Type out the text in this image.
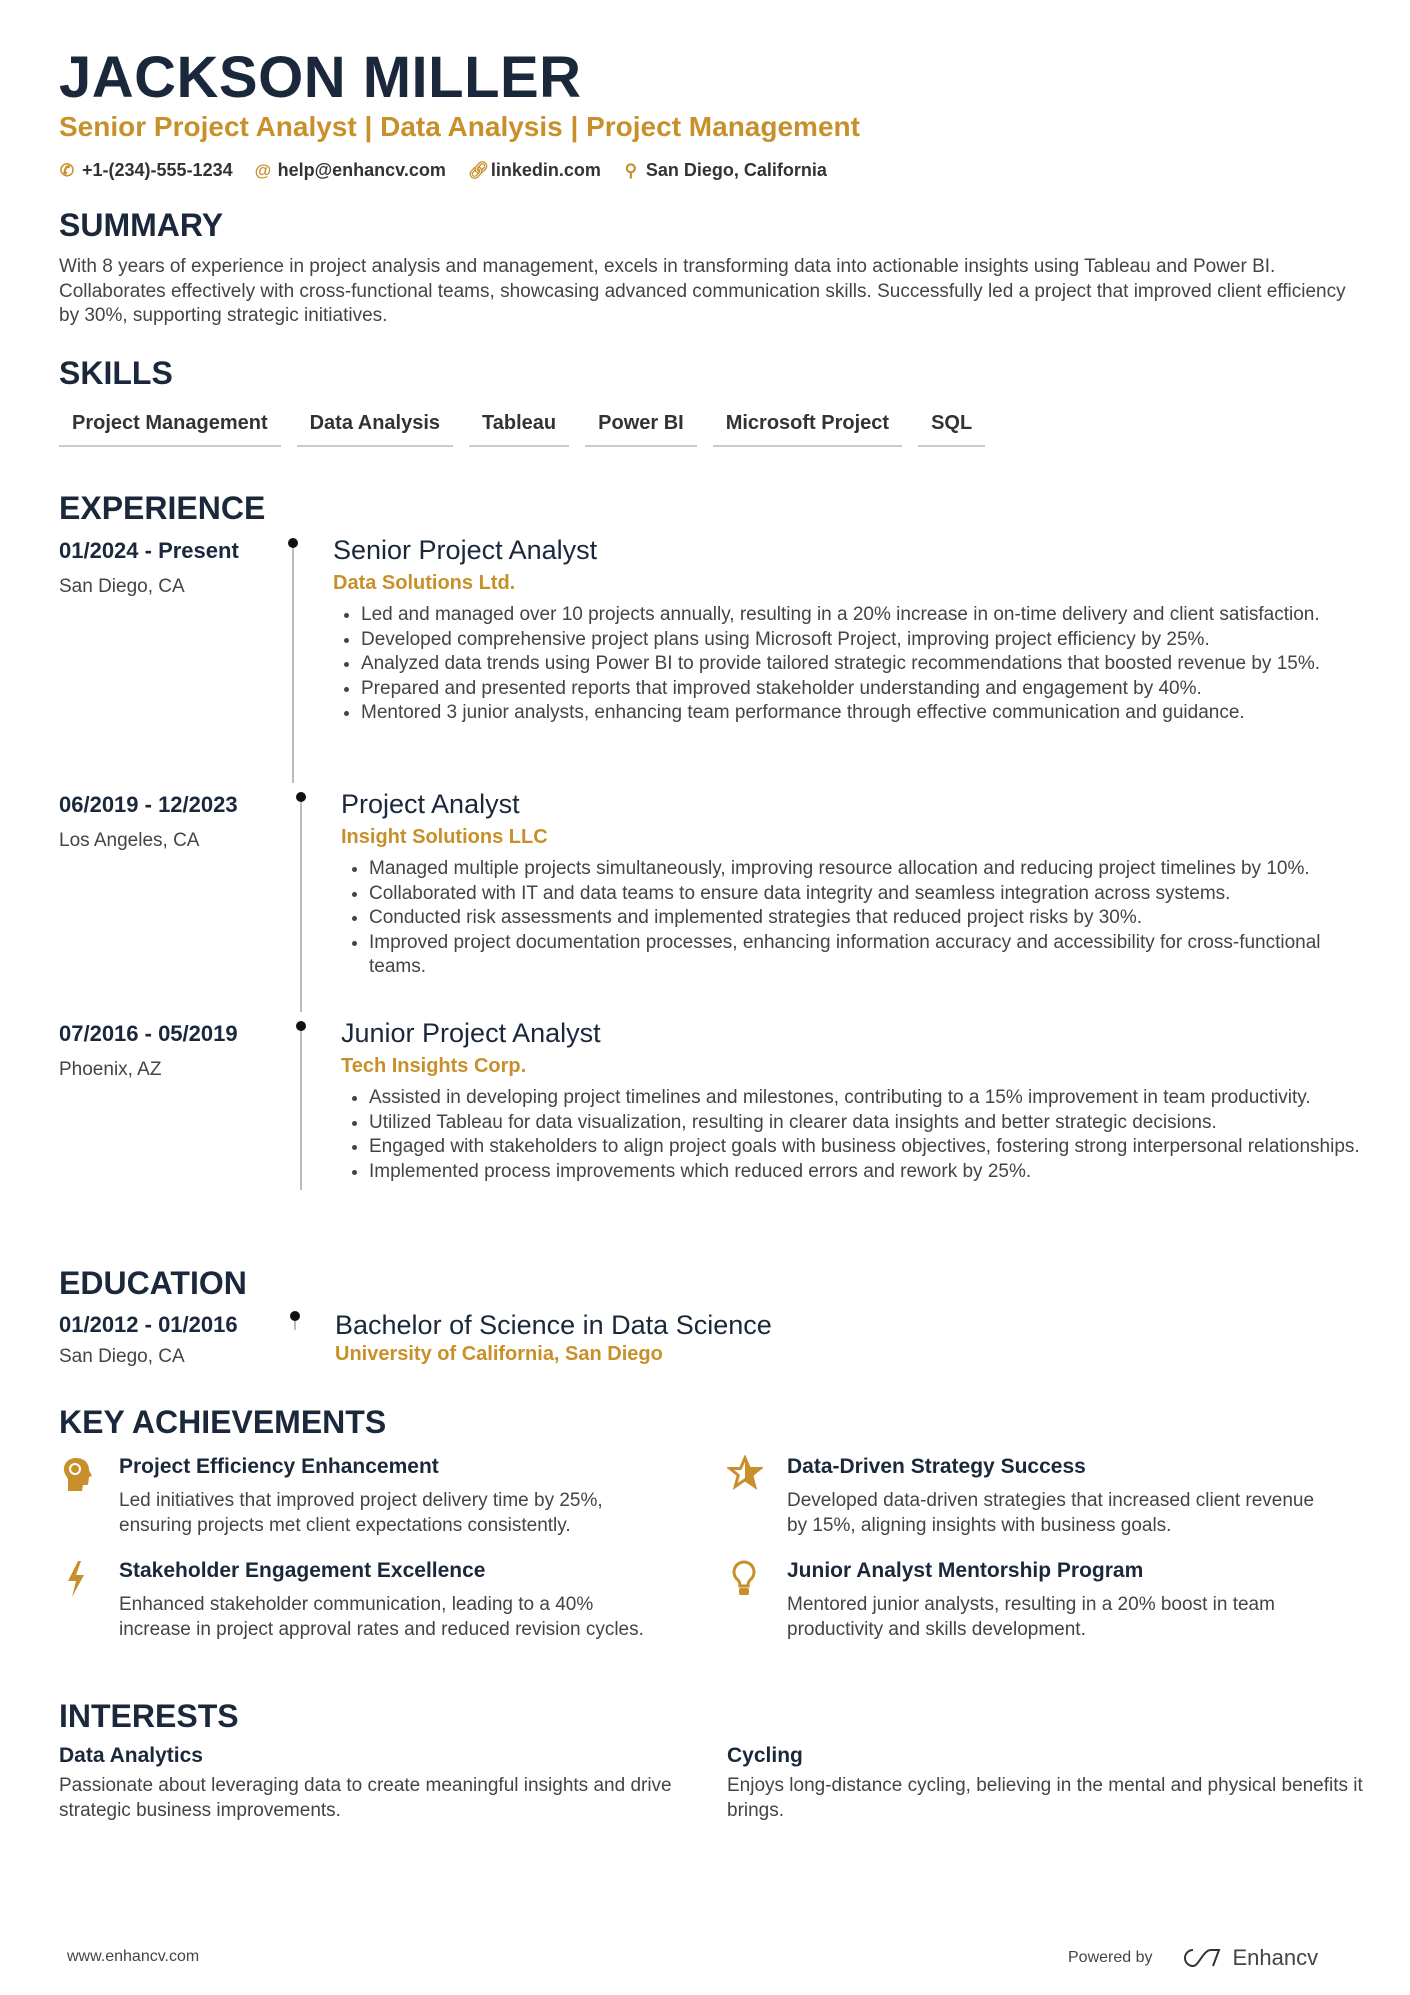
JACKSON MILLER
Senior Project Analyst | Data Analysis | Project Management
✆ +1-(234)-555-1234 @ help@enhancv.com 🔗︎ linkedin.com ⚲ San Diego, California
SUMMARY
With 8 years of experience in project analysis and management, excels in transforming data into actionable insights using Tableau and Power BI. Collaborates effectively with cross-functional teams, showcasing advanced communication skills. Successfully led a project that improved client efficiency by 30%, supporting strategic initiatives.
SKILLS
Project Management	Data Analysis	Tableau	Power BI	Microsoft Project	SQL
EXPERIENCE
01/2024 - Present
San Diego, CA
Senior Project Analyst
Data Solutions Ltd.
• Led and managed over 10 projects annually, resulting in a 20% increase in on-time delivery and client satisfaction.
• Developed comprehensive project plans using Microsoft Project, improving project efficiency by 25%.
• Analyzed data trends using Power BI to provide tailored strategic recommendations that boosted revenue by 15%.
• Prepared and presented reports that improved stakeholder understanding and engagement by 40%.
• Mentored 3 junior analysts, enhancing team performance through effective communication and guidance.
06/2019 - 12/2023
Los Angeles, CA
Project Analyst
Insight Solutions LLC
• Managed multiple projects simultaneously, improving resource allocation and reducing project timelines by 10%.
• Collaborated with IT and data teams to ensure data integrity and seamless integration across systems.
• Conducted risk assessments and implemented strategies that reduced project risks by 30%.
• Improved project documentation processes, enhancing information accuracy and accessibility for cross-functional teams.
07/2016 - 05/2019
Phoenix, AZ
Junior Project Analyst
Tech Insights Corp.
• Assisted in developing project timelines and milestones, contributing to a 15% improvement in team productivity.
• Utilized Tableau for data visualization, resulting in clearer data insights and better strategic decisions.
• Engaged with stakeholders to align project goals with business objectives, fostering strong interpersonal relationships.
• Implemented process improvements which reduced errors and rework by 25%.
EDUCATION
01/2012 - 01/2016
San Diego, CA
Bachelor of Science in Data Science
University of California, San Diego
KEY ACHIEVEMENTS
Project Efficiency Enhancement
Led initiatives that improved project delivery time by 25%, ensuring projects met client expectations consistently.
Data-Driven Strategy Success
Developed data-driven strategies that increased client revenue by 15%, aligning insights with business goals.
Stakeholder Engagement Excellence
Enhanced stakeholder communication, leading to a 40% increase in project approval rates and reduced revision cycles.
Junior Analyst Mentorship Program
Mentored junior analysts, resulting in a 20% boost in team productivity and skills development.
INTERESTS
Data Analytics
Passionate about leveraging data to create meaningful insights and drive strategic business improvements.
Cycling
Enjoys long-distance cycling, believing in the mental and physical benefits it brings.
www.enhancv.com	Powered by	Enhancv
